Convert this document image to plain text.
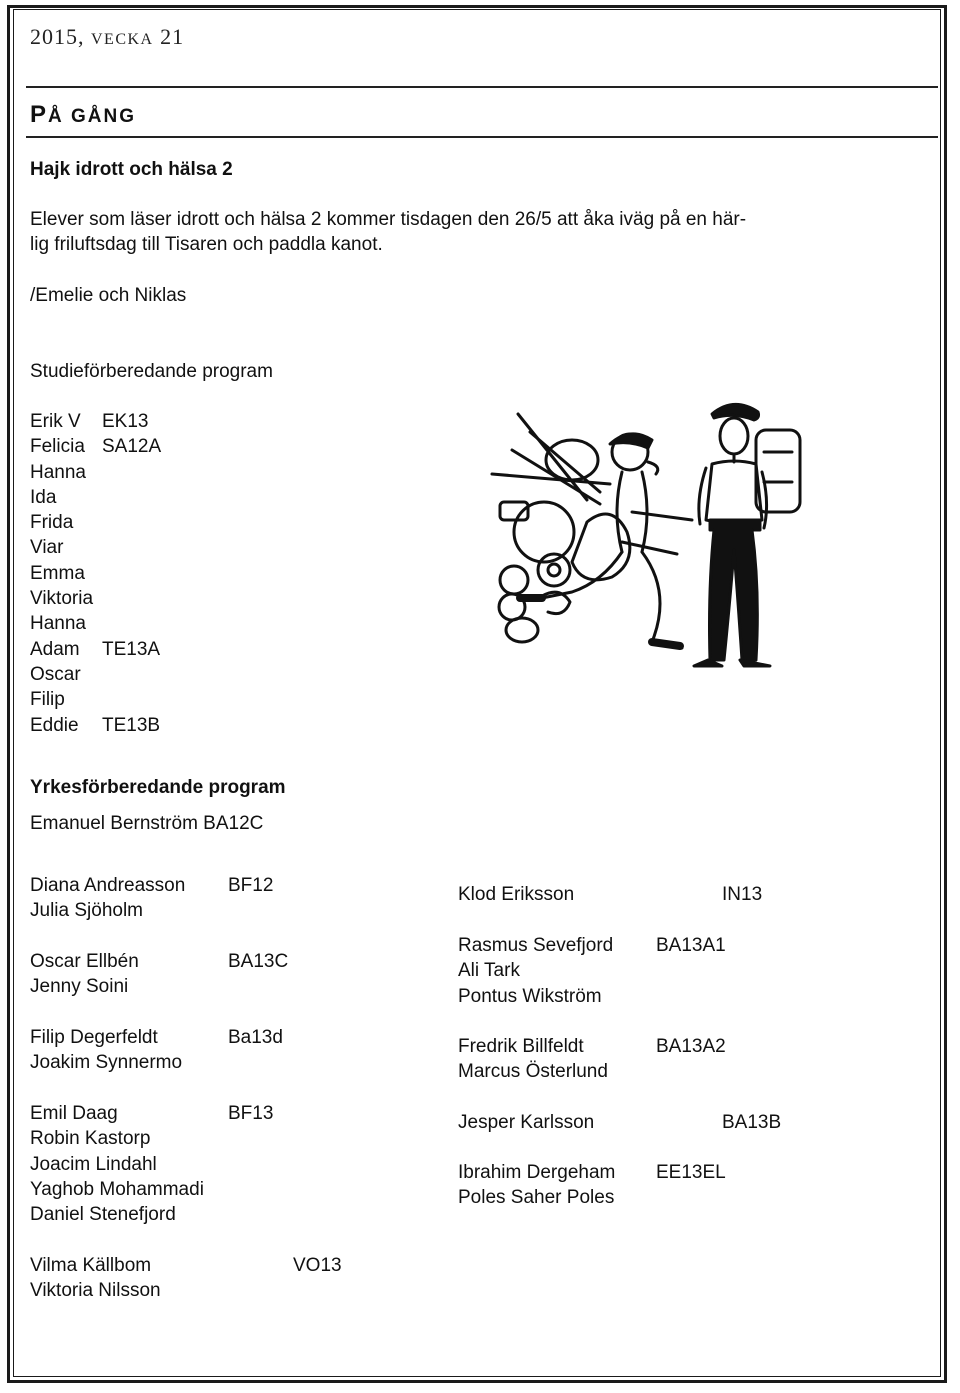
2015, VECKA 21
PÅ GÅNG
Hajk idrott och hälsa 2
Elever som läser idrott och hälsa 2 kommer tisdagen den 26/5 att åka iväg på en här-
lig friluftsdag till Tisaren och paddla kanot.
/Emelie och Niklas
Studieförberedande program
Erik V EK13
Felicia SA12A
Hanna
Ida
Frida
Viar
Emma
Viktoria
Hanna
Adam TE13A
Oscar
Filip
Eddie TE13B
Yrkesförberedande program
Emanuel Bernström BA12C
Diana Andreasson
Julia Sjöholm
BF12
Oscar Ellbén
Jenny Soini
BA13C
Filip Degerfeldt
Joakim Synnermo
Ba13d
Emil Daag
Robin Kastorp
Joacim Lindahl
Yaghob Mohammadi
Daniel Stenefjord
BF13
Klod Eriksson	IN13
Rasmus Sevefjord
Ali Tark
Pontus Wikström
BA13A1
Fredrik Billfeldt
Marcus Österlund
BA13A2
Jesper Karlsson	BA13B
Ibrahim Dergeham
Poles Saher Poles
EE13EL
Vilma Källbom
Viktoria Nilsson
VO13
